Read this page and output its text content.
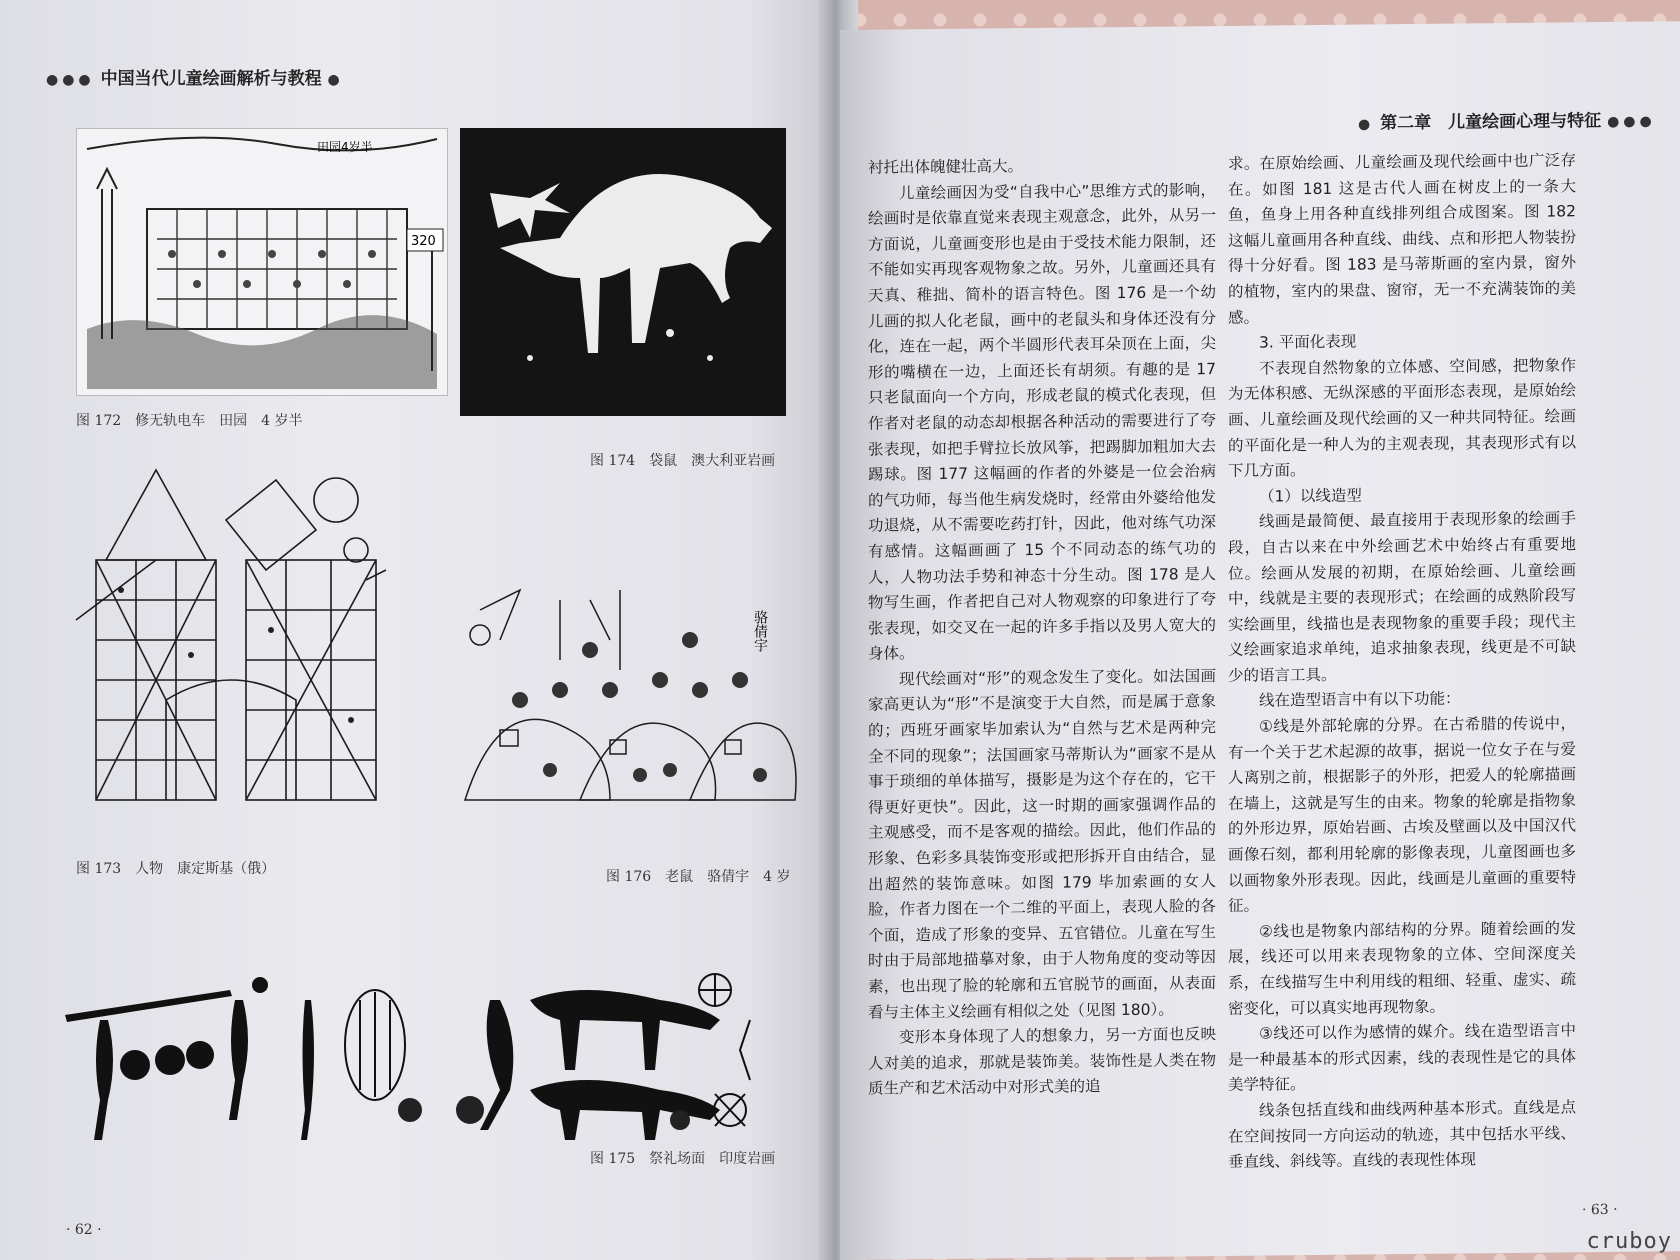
●●● 中国当代儿童绘画解析与教程 ●
320
田园4岁半
图 172　修无轨电车　田园　4 岁半
图 174　袋鼠　澳大利亚岩画
图 173　人物　康定斯基（俄）
骆倩宇
图 176　老鼠　骆倩宇　4 岁
图 175　祭礼场面　印度岩画
· 62 ·
● 第二章　儿童绘画心理与特征 ●●●

衬托出体魄健壮高大。

儿童绘画因为受“自我中心”思维方式的影响，绘画时是依靠直觉来表现主观意念，此外，从另一方面说，儿童画变形也是由于受技术能力限制，还不能如实再现客观物象之故。另外，儿童画还具有天真、稚拙、简朴的语言特色。图 176 是一个幼儿画的拟人化老鼠，画中的老鼠头和身体还没有分化，连在一起，两个半圆形代表耳朵顶在上面，尖形的嘴横在一边，上面还长有胡须。有趣的是 17 只老鼠面向一个方向，形成老鼠的模式化表现，但作者对老鼠的动态却根据各种活动的需要进行了夸张表现，如把手臂拉长放风筝，把踢脚加粗加大去踢球。图 177 这幅画的作者的外婆是一位会治病的气功师，每当他生病发烧时，经常由外婆给他发功退烧，从不需要吃药打针，因此，他对练气功深有感情。这幅画画了 15 个不同动态的练气功的人，人物功法手势和神态十分生动。图 178 是人物写生画，作者把自己对人物观察的印象进行了夸张表现，如交叉在一起的许多手指以及男人宽大的身体。

现代绘画对“形”的观念发生了变化。如法国画家高更认为“形”不是演变于大自然，而是属于意象的；西班牙画家毕加索认为“自然与艺术是两种完全不同的现象”；法国画家马蒂斯认为“画家不是从事于琐细的单体描写，摄影是为这个存在的，它干得更好更快”。因此，这一时期的画家强调作品的主观感受，而不是客观的描绘。因此，他们作品的形象、色彩多具装饰变形或把形拆开自由结合，显出超然的装饰意味。如图 179 毕加索画的女人脸，作者力图在一个二维的平面上，表现人脸的各个面，造成了形象的变异、五官错位。儿童在写生时由于局部地描摹对象，由于人物角度的变动等因素，也出现了脸的轮廓和五官脱节的画面，从表面看与主体主义绘画有相似之处（见图 180）。

变形本身体现了人的想象力，另一方面也反映人对美的追求，那就是装饰美。装饰性是人类在物质生产和艺术活动中对形式美的追

求。在原始绘画、儿童绘画及现代绘画中也广泛存在。如图 181 这是古代人画在树皮上的一条大鱼，鱼身上用各种直线排列组合成图案。图 182 这幅儿童画用各种直线、曲线、点和形把人物装扮得十分好看。图 183 是马蒂斯画的室内景，窗外的植物，室内的果盘、窗帘，无一不充满装饰的美感。

3. 平面化表现

不表现自然物象的立体感、空间感，把物象作为无体积感、无纵深感的平面形态表现，是原始绘画、儿童绘画及现代绘画的又一种共同特征。绘画的平面化是一种人为的主观表现，其表现形式有以下几方面。

（1）以线造型

线画是最简便、最直接用于表现形象的绘画手段，自古以来在中外绘画艺术中始终占有重要地位。绘画从发展的初期，在原始绘画、儿童绘画中，线就是主要的表现形式；在绘画的成熟阶段写实绘画里，线描也是表现物象的重要手段；现代主义绘画家追求单纯，追求抽象表现，线更是不可缺少的语言工具。

线在造型语言中有以下功能：

①线是外部轮廓的分界。在古希腊的传说中，有一个关于艺术起源的故事，据说一位女子在与爱人离别之前，根据影子的外形，把爱人的轮廓描画在墙上，这就是写生的由来。物象的轮廓是指物象的外形边界，原始岩画、古埃及壁画以及中国汉代画像石刻，都利用轮廓的影像表现，儿童图画也多以画物象外形表现。因此，线画是儿童画的重要特征。

②线也是物象内部结构的分界。随着绘画的发展，线还可以用来表现物象的立体、空间深度关系，在线描写生中利用线的粗细、轻重、虚实、疏密变化，可以真实地再现物象。

③线还可以作为感情的媒介。线在造型语言中是一种最基本的形式因素，线的表现性是它的具体美学特征。

线条包括直线和曲线两种基本形式。直线是点在空间按同一方向运动的轨迹，其中包括水平线、垂直线、斜线等。直线的表现性体现

· 63 ·
cruboy
